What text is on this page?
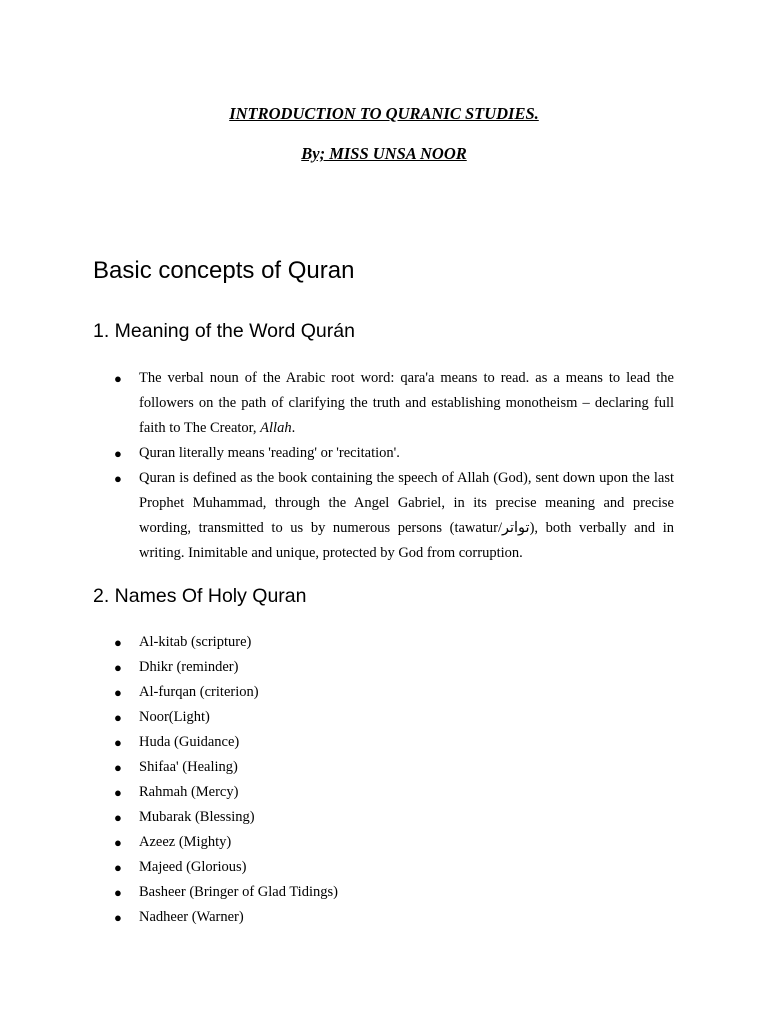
INTRODUCTION TO QURANIC STUDIES.
By; MISS UNSA NOOR
Basic concepts of Quran
1. Meaning of the Word Qurán
● The verbal noun of the Arabic root word: qara'a means to read. as a means to lead the followers on the path of clarifying the truth and establishing monotheism – declaring full faith to The Creator, Allah.
● Quran literally means 'reading' or 'recitation'.
● Quran is defined as the book containing the speech of Allah (God), sent down upon the last Prophet Muhammad, through the Angel Gabriel, in its precise meaning and precise wording, transmitted to us by numerous persons (tawatur/تواتر), both verbally and in writing. Inimitable and unique, protected by God from corruption.
2. Names Of Holy Quran
● Al-kitab (scripture)
● Dhikr (reminder)
● Al-furqan (criterion)
● Noor(Light)
● Huda (Guidance)
● Shifaa' (Healing)
● Rahmah (Mercy)
● Mubarak (Blessing)
● Azeez (Mighty)
● Majeed (Glorious)
● Basheer (Bringer of Glad Tidings)
● Nadheer (Warner)
